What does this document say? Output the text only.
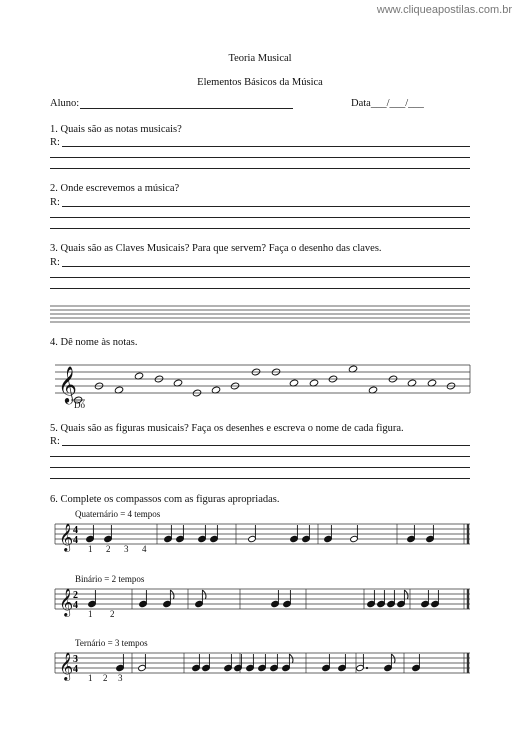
www.cliqueapostilas.com.br
Teoria Musical
Elementos Básicos da Música
Aluno:	Data___/___/___
1. Quais são as notas musicais?
R:
2. Onde escrevemos a música?
R:
3. Quais são as Claves Musicais? Para que servem? Faça o desenho das claves.
R:
4. Dê nome às notas.
𝄞
Dó
5. Quais são as figuras musicais? Faça os desenhes e escreva o nome de cada figura.
R:
6. Complete os compassos com as figuras apropriadas.
Quaternário = 4 tempos
𝄞 4
4
1 2 3 4
Binário = 2 tempos
𝄞 2
4
1 2
Ternário = 3 tempos
𝄞 3
4
1 2 3
